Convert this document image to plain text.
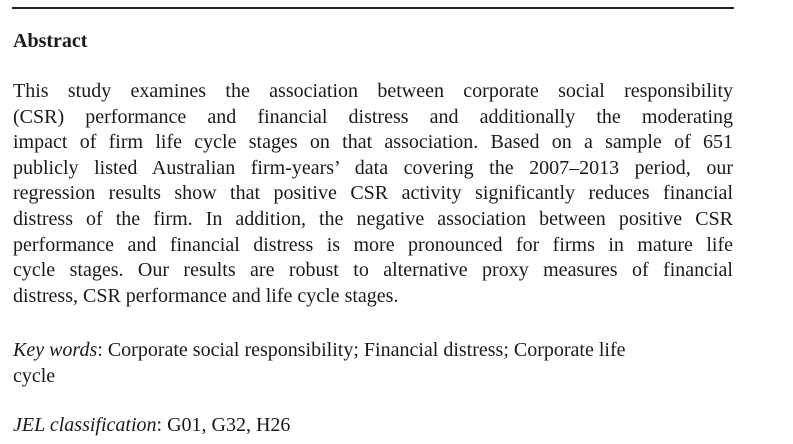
Abstract

This study examines the association between corporate social responsibility
(CSR) performance and financial distress and additionally the moderating
impact of firm life cycle stages on that association. Based on a sample of 651
publicly listed Australian firm-years’ data covering the 2007–2013 period, our
regression results show that positive CSR activity significantly reduces financial
distress of the firm. In addition, the negative association between positive CSR
performance and financial distress is more pronounced for firms in mature life
cycle stages. Our results are robust to alternative proxy measures of financial
distress, CSR performance and life cycle stages.

Key words: Corporate social responsibility; Financial distress; Corporate life
cycle

JEL classification: G01, G32, H26
